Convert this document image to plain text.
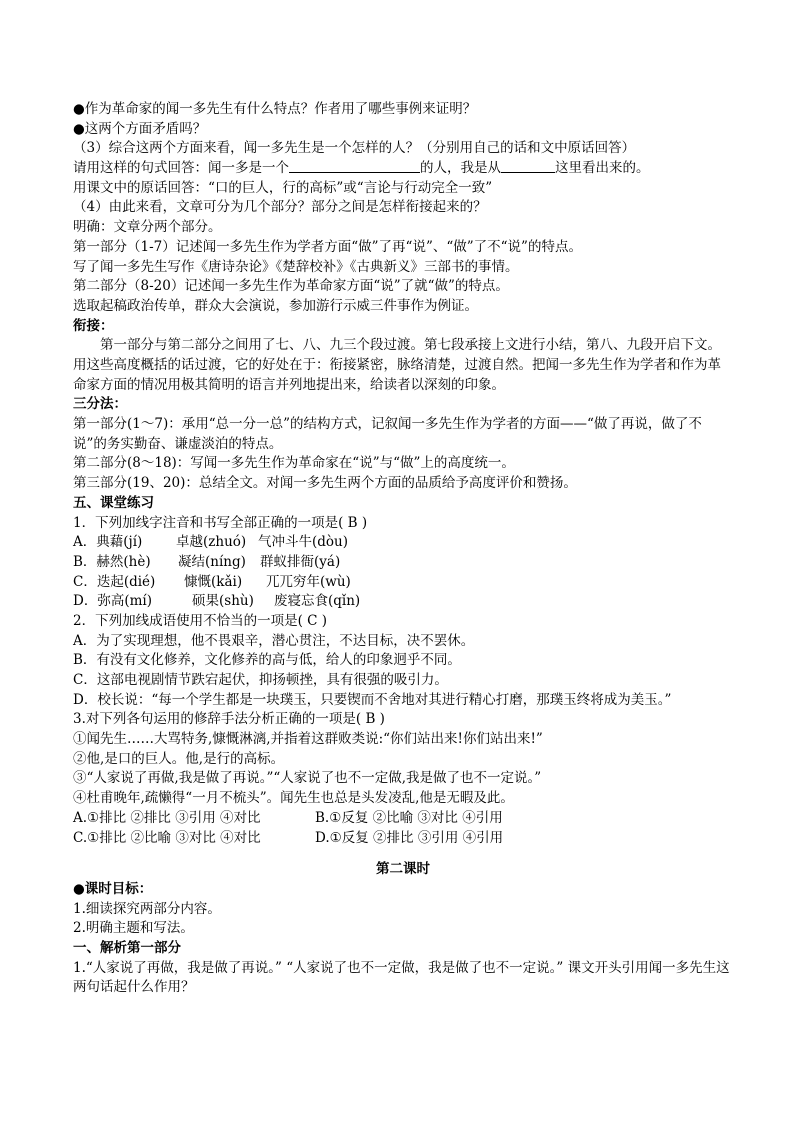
●作为革命家的闻一多先生有什么特点？作者用了哪些事例来证明？
●这两个方面矛盾吗？
（3）综合这两个方面来看，闻一多先生是一个怎样的人？（分别用自己的话和文中原话回答）
请用这样的句式回答：闻一多是一个	的人，我是从	这里看出来的。
用课文中的原话回答：“口的巨人，行的高标”或“言论与行动完全一致”
（4）由此来看，文章可分为几个部分？部分之间是怎样衔接起来的？
明确：文章分两个部分。
第一部分（1-7）记述闻一多先生作为学者方面“做”了再“说”、“做”了不“说”的特点。
写了闻一多先生写作《唐诗杂论》《楚辞校补》《古典新义》三部书的事情。
第二部分（8-20）记述闻一多先生作为革命家方面“说”了就“做”的特点。
选取起稿政治传单，群众大会演说，参加游行示威三件事作为例证。
衔接：
第一部分与第二部分之间用了七、八、九三个段过渡。第七段承接上文进行小结，第八、九段开启下文。用这些高度概括的话过渡，它的好处在于：衔接紧密，脉络清楚，过渡自然。把闻一多先生作为学者和作为革命家方面的情况用极其简明的语言并列地提出来，给读者以深刻的印象。
三分法：
第一部分(1～7)：承用“总一分一总”的结构方式，记叙闻一多先生作为学者的方面——“做了再说，做了不说”的务实勤奋、谦虚淡泊的特点。
第二部分(8～18)：写闻一多先生作为革命家在“说”与“做”上的高度统一。
第三部分(19、20)：总结全文。对闻一多先生两个方面的品质给予高度评价和赞扬。
五、课堂练习
1．下列加线字注音和书写全部正确的一项是( B )
A．典藉(jí) 卓越(zhuó) 气冲斗牛(dòu)
B．赫然(hè) 凝结(níng) 群蚁排衙(yá)
C．迭起(dié) 慷慨(kǎi) 兀兀穷年(wù)
D．弥高(mí)	硕果(shù) 废寝忘食(qǐn)
2．下列加线成语使用不恰当的一项是( C )
A．为了实现理想，他不畏艰辛，潜心贯注，不达目标，决不罢休。
B．有没有文化修养，文化修养的高与低，给人的印象迥乎不同。
C．这部电视剧情节跌宕起伏，抑扬顿挫，具有很强的吸引力。
D．校长说：“每一个学生都是一块璞玉，只要锲而不舍地对其进行精心打磨，那璞玉终将成为美玉。”
3.对下列各句运用的修辞手法分析正确的一项是( B )
①闻先生……大骂特务,慷慨淋漓,并指着这群败类说:“你们站出来!你们站出来!”
②他,是口的巨人。他,是行的高标。
③“人家说了再做,我是做了再说。”“人家说了也不一定做,我是做了也不一定说。”
④杜甫晚年,疏懒得“一月不梳头”。闻先生也总是头发凌乱,他是无暇及此。
A.①排比 ②排比 ③引用 ④对比	B.①反复 ②比喻 ③对比 ④引用
C.①排比 ②比喻 ③对比 ④对比	D.①反复 ②排比 ③引用 ④引用
第二课时
●课时目标：
1.细读探究两部分内容。
2.明确主题和写法。
一、解析第一部分
1.“人家说了再做，我是做了再说。” “人家说了也不一定做，我是做了也不一定说。” 课文开头引用闻一多先生这两句话起什么作用？
